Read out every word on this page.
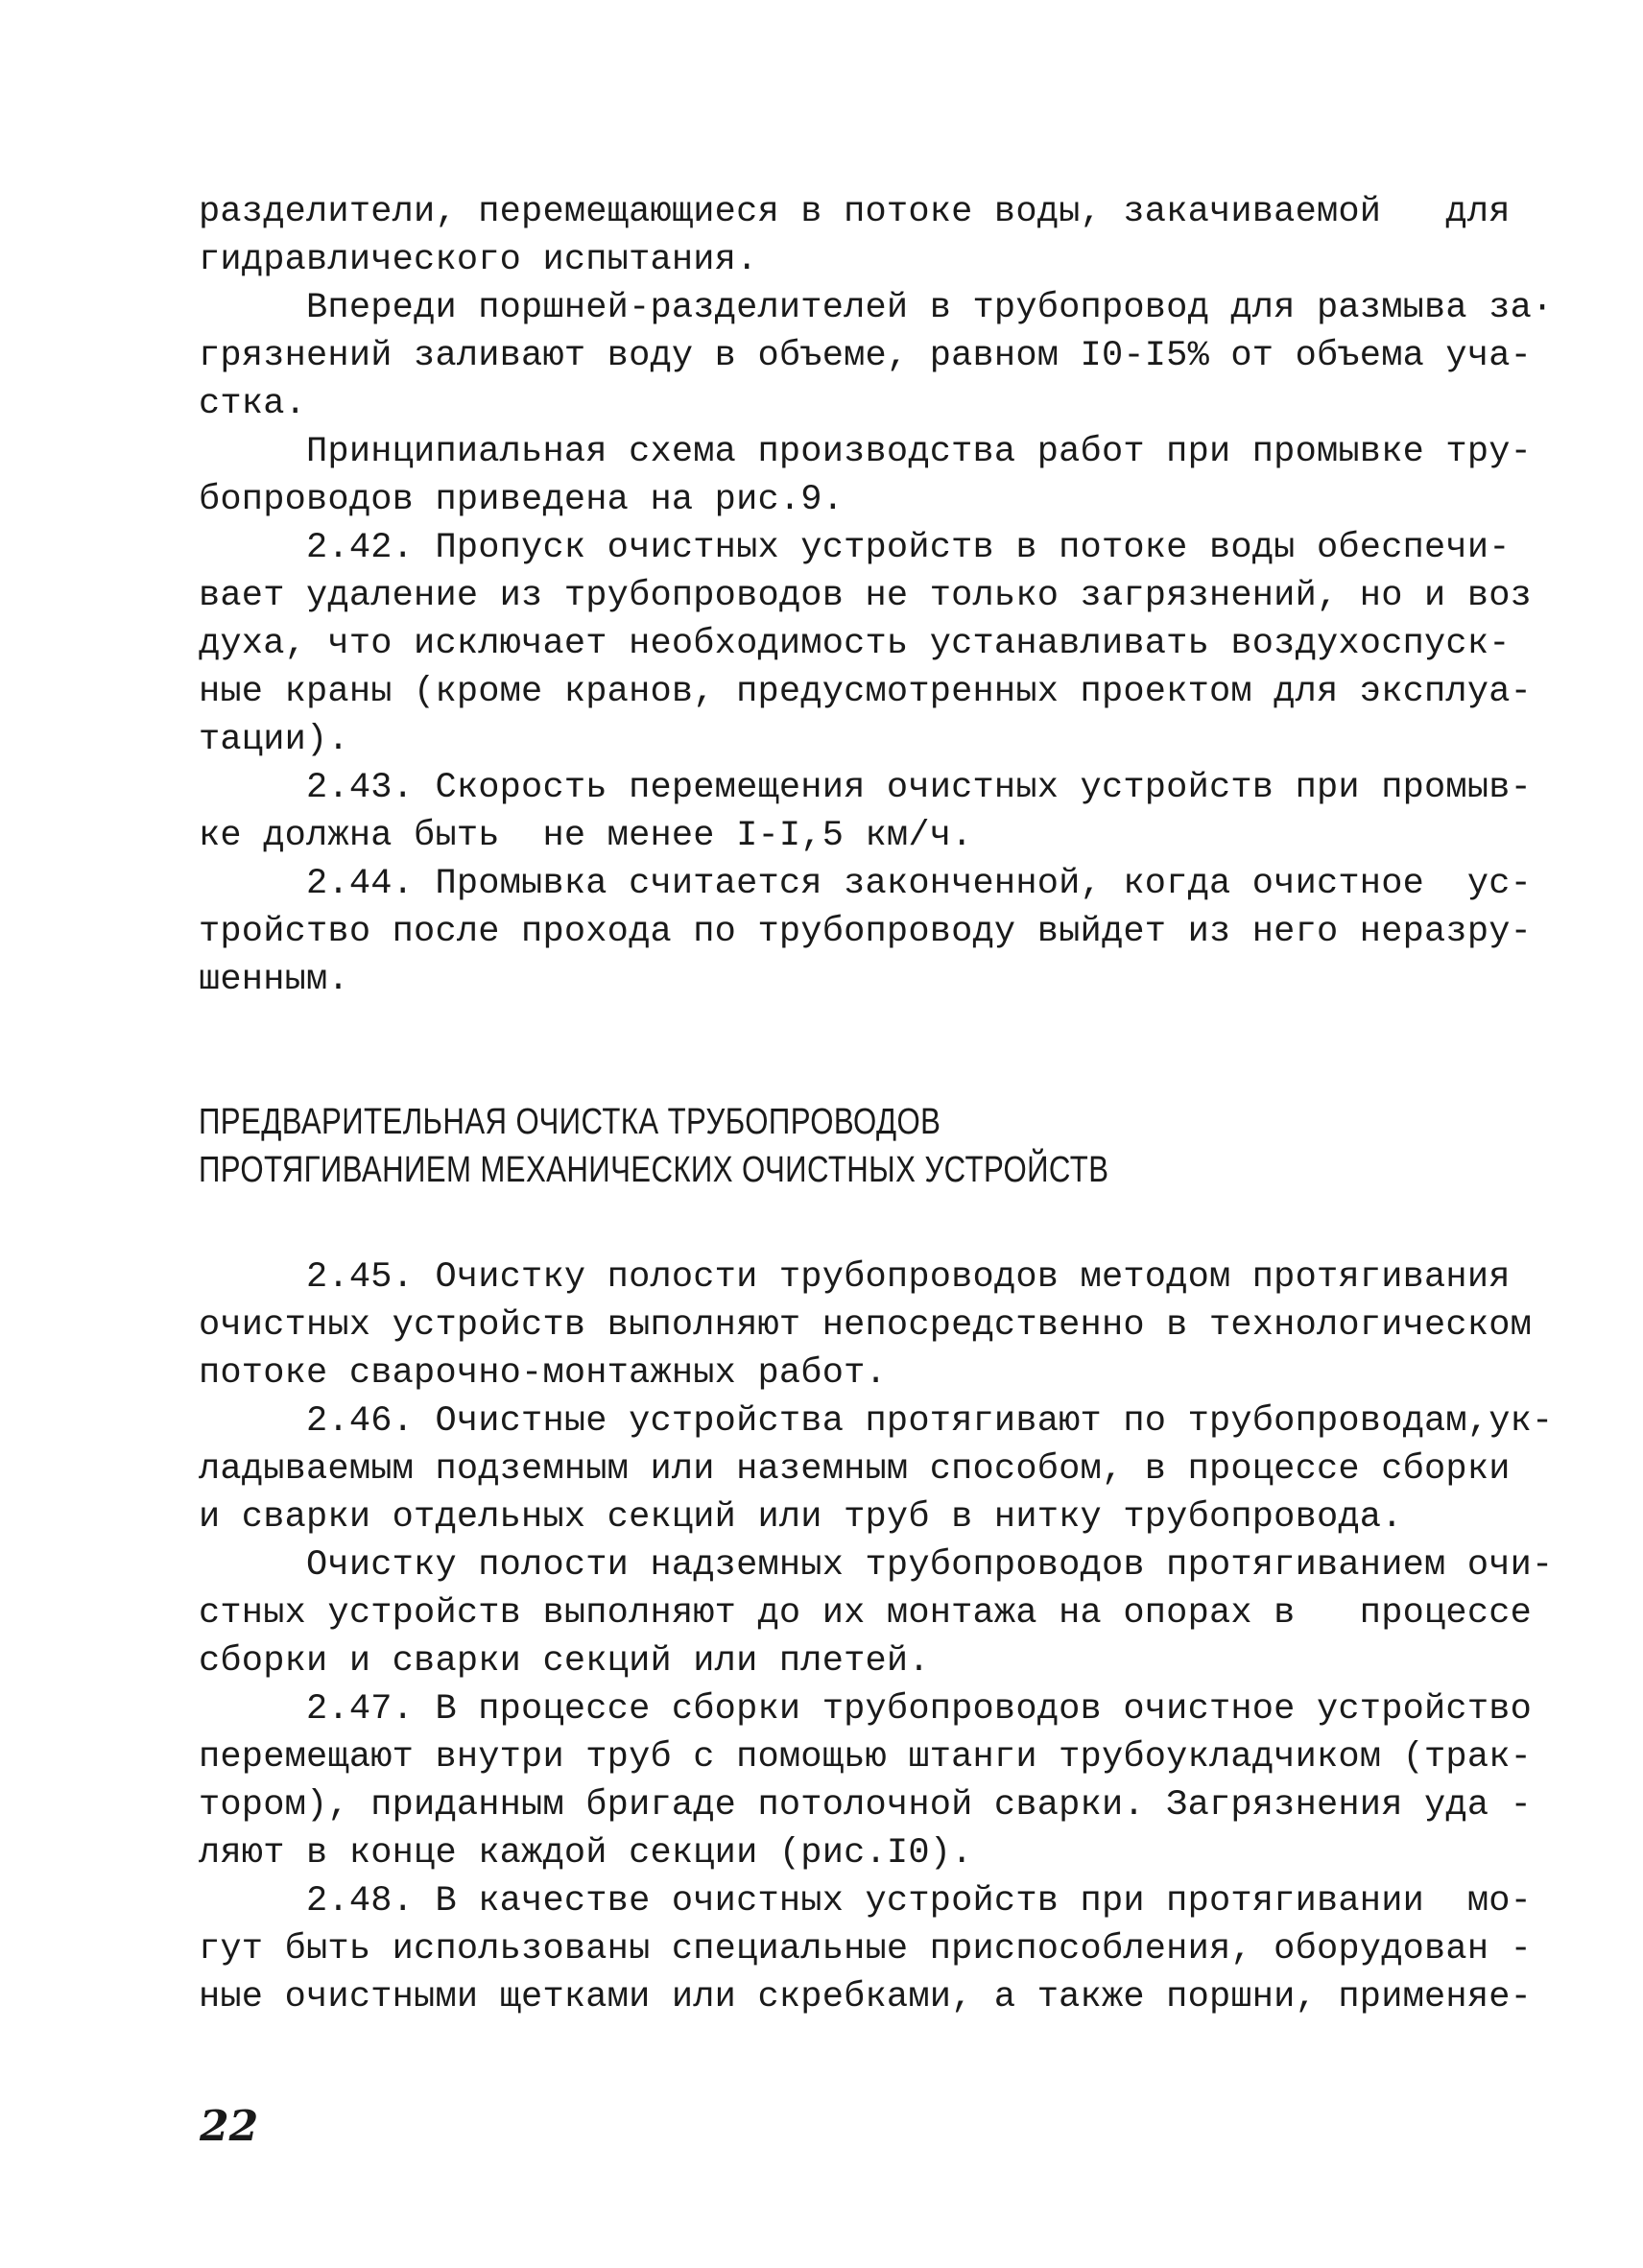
разделители, перемещающиеся в потоке воды, закачиваемой   для
гидравлического испытания.
Впереди поршней-разделителей в трубопровод для размыва за·
грязнений заливают воду в объеме, равном I0-I5% от объема уча-
стка.
Принципиальная схема производства работ при промывке тру-
бопроводов приведена на рис.9.
2.42. Пропуск очистных устройств в потоке воды обеспечи-
вает удаление из трубопроводов не только загрязнений, но и воз
духа, что исключает необходимость устанавливать воздухоспуск-
ные краны (кроме кранов, предусмотренных проектом для эксплуа-
тации).
2.43. Скорость перемещения очистных устройств при промыв-
ке должна быть  не менее I-I,5 км/ч.
2.44. Промывка считается законченной, когда очистное  ус-
тройство после прохода по трубопроводу выйдет из него неразру-
шенным.
ПРЕДВАРИТЕЛЬНАЯ ОЧИСТКА ТРУБОПРОВОДОВ
ПРОТЯГИВАНИЕМ МЕХАНИЧЕСКИХ ОЧИСТНЫХ УСТРОЙСТВ
2.45. Очистку полости трубопроводов методом протягивания
очистных устройств выполняют непосредственно в технологическом
потоке сварочно-монтажных работ.
2.46. Очистные устройства протягивают по трубопроводам,ук-
ладываемым подземным или наземным способом, в процессе сборки
и сварки отдельных секций или труб в нитку трубопровода.
Очистку полости надземных трубопроводов протягиванием очи-
стных устройств выполняют до их монтажа на опорах в   процессе
сборки и сварки секций или плетей.
2.47. В процессе сборки трубопроводов очистное устройство
перемещают внутри труб с помощью штанги трубоукладчиком (трак-
тором), приданным бригаде потолочной сварки. Загрязнения уда -
ляют в конце каждой секции (рис.I0).
2.48. В качестве очистных устройств при протягивании  мо-
гут быть использованы специальные приспособления, оборудован -
ные очистными щетками или скребками, а также поршни, применяе-
22
